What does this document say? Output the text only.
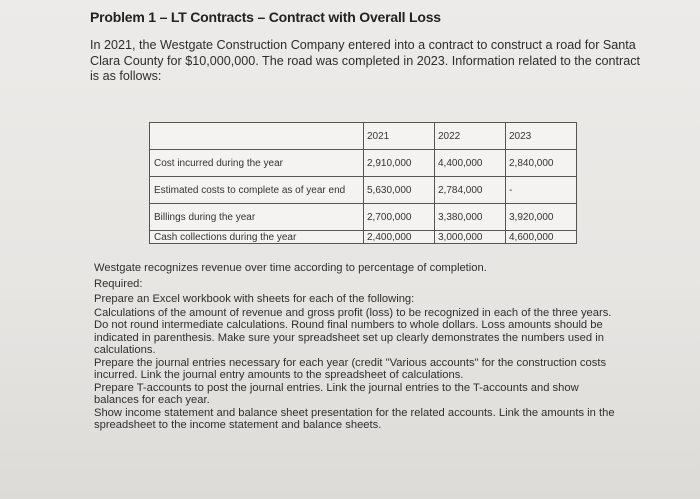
Problem 1 – LT Contracts – Contract with Overall Loss
In 2021, the Westgate Construction Company entered into a contract to construct a road for Santa Clara County for $10,000,000. The road was completed in 2023. Information related to the contract is as follows:
	2021	2022	2023
Cost incurred during the year	2,910,000	4,400,000	2,840,000
Estimated costs to complete as of year end	5,630,000	2,784,000	-
Billings during the year	2,700,000	3,380,000	3,920,000
Cash collections during the year	2,400,000	3,000,000	4,600,000

Westgate recognizes revenue over time according to percentage of completion.

Required:

Prepare an Excel workbook with sheets for each of the following:

Calculations of the amount of revenue and gross profit (loss) to be recognized in each of the three years. Do not round intermediate calculations. Round final numbers to whole dollars. Loss amounts should be indicated in parenthesis. Make sure your spreadsheet set up clearly demonstrates the numbers used in calculations.

Prepare the journal entries necessary for each year (credit "Various accounts" for the construction costs incurred. Link the journal entry amounts to the spreadsheet of calculations.

Prepare T-accounts to post the journal entries. Link the journal entries to the T-accounts and show balances for each year.

Show income statement and balance sheet presentation for the related accounts. Link the amounts in the spreadsheet to the income statement and balance sheets.
